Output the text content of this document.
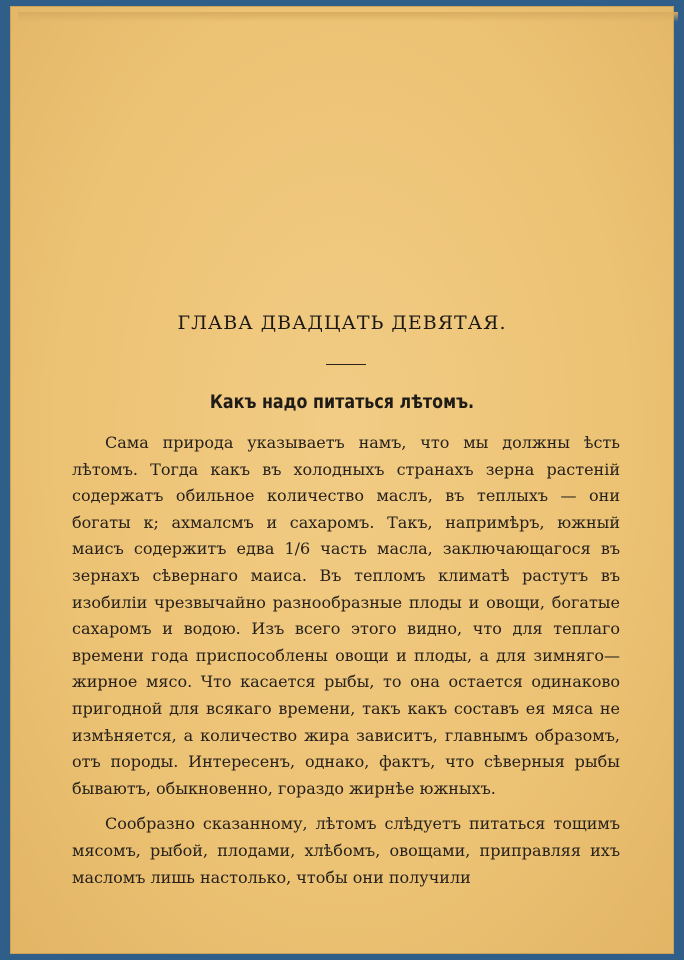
ГЛАВА ДВАДЦАТЬ ДЕВЯТАЯ.
Какъ надо питаться лѣтомъ.

Сама природа указываетъ намъ, что мы должны ѣсть лѣтомъ. Тогда какъ въ холодныхъ странахъ зерна растеній содержатъ обильное количество маслъ, въ теплыхъ — они богаты к; ахмалсмъ и сахаромъ. Такъ, напримѣръ, южный маисъ содержитъ едва 1/6 часть масла, заключающагося въ зернахъ сѣвернаго маиса. Въ тепломъ климатѣ растутъ въ изобиліи чрезвычайно разнообразные плоды и овощи, богатые сахаромъ и водою. Изъ всего этого видно, что для теплаго времени года приспособлены овощи и плоды, а для зимняго—жирное мясо. Что касается рыбы, то она остается одинаково пригодной для всякаго времени, такъ какъ составъ ея мяса не измѣняется, а количество жира зависитъ, главнымъ образомъ, отъ породы. Интересенъ, однако, фактъ, что сѣверныя рыбы бываютъ, обыкновенно, гораздо жирнѣе южныхъ.

Сообразно сказанному, лѣтомъ слѣдуетъ питаться тощимъ мясомъ, рыбой, плодами, хлѣбомъ, овощами, приправляя ихъ масломъ лишь настолько, чтобы они получили
